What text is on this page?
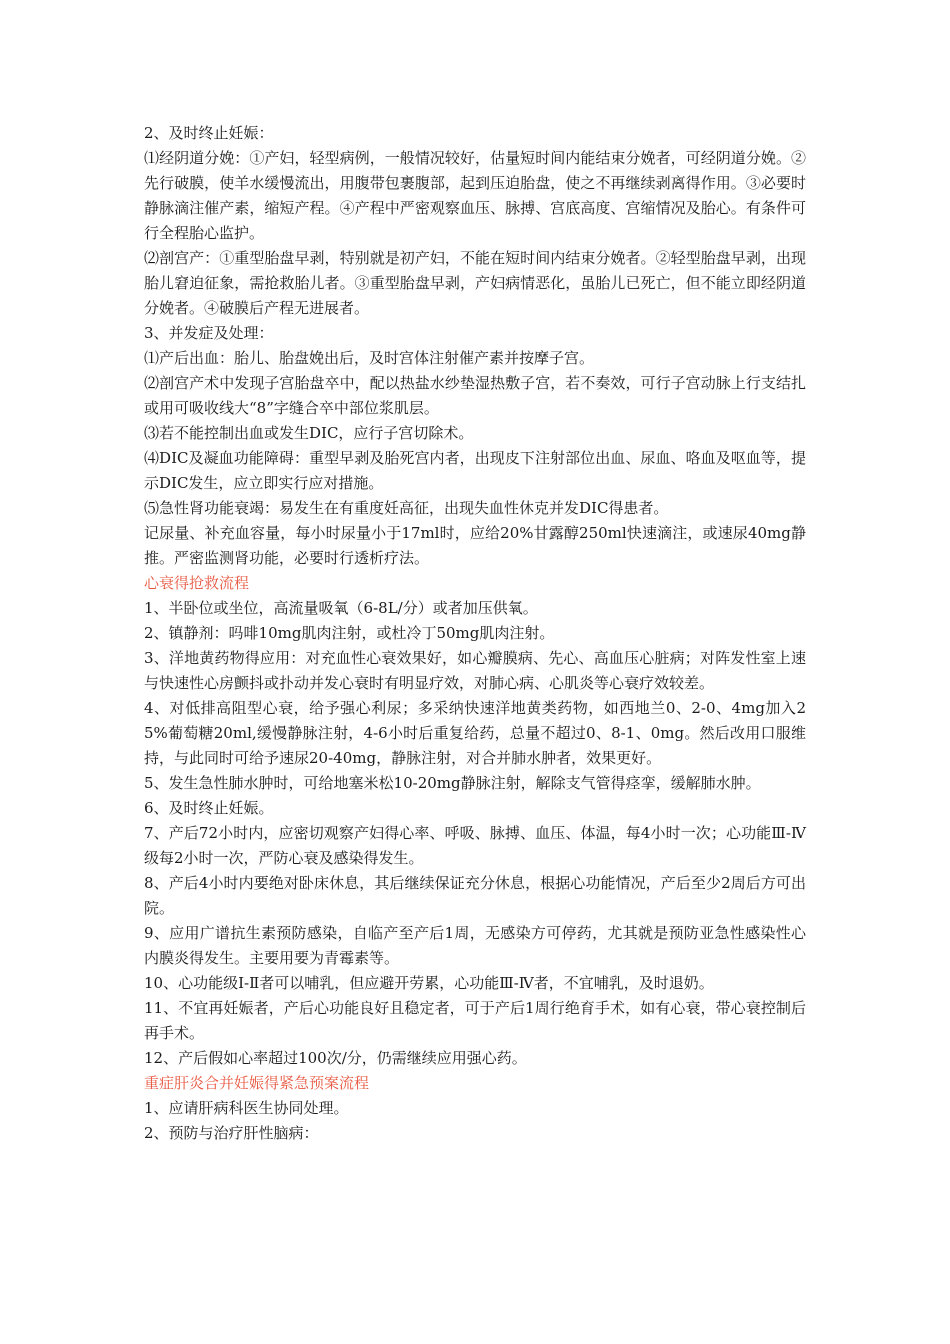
2、及时终止妊娠：

⑴经阴道分娩：①产妇，轻型病例，一般情况较好，估量短时间内能结束分娩者，可经阴道分娩。②先行破膜，使羊水缓慢流出，用腹带包裹腹部，起到压迫胎盘，使之不再继续剥离得作用。③必要时静脉滴注催产素，缩短产程。④产程中严密观察血压、脉搏、宫底高度、宫缩情况及胎心。有条件可行全程胎心监护。

⑵剖宫产：①重型胎盘早剥，特别就是初产妇，不能在短时间内结束分娩者。②轻型胎盘早剥，出现胎儿窘迫征象，需抢救胎儿者。③重型胎盘早剥，产妇病情恶化，虽胎儿已死亡，但不能立即经阴道分娩者。④破膜后产程无进展者。

3、并发症及处理：

⑴产后出血：胎儿、胎盘娩出后，及时宫体注射催产素并按摩子宫。

⑵剖宫产术中发现子宫胎盘卒中，配以热盐水纱垫湿热敷子宫，若不奏效，可行子宫动脉上行支结扎或用可吸收线大“8”字缝合卒中部位浆肌层。

⑶若不能控制出血或发生DIC，应行子宫切除术。

⑷DIC及凝血功能障碍：重型早剥及胎死宫内者，出现皮下注射部位出血、尿血、咯血及呕血等，提示DIC发生，应立即实行应对措施。

⑸急性肾功能衰竭：易发生在有重度妊高征，出现失血性休克并发DIC得患者。

记尿量、补充血容量，每小时尿量小于17ml时，应给20%甘露醇250ml快速滴注，或速尿40mg静推。严密监测肾功能，必要时行透析疗法。

心衰得抢救流程

1、半卧位或坐位，高流量吸氧（6-8L/分）或者加压供氧。

2、镇静剂：吗啡10mg肌肉注射，或杜冷丁50mg肌肉注射。

3、洋地黄药物得应用：对充血性心衰效果好，如心瓣膜病、先心、高血压心脏病；对阵发性室上速与快速性心房颤抖或扑动并发心衰时有明显疗效，对肺心病、心肌炎等心衰疗效较差。

4、对低排高阻型心衰，给予强心利尿；多采纳快速洋地黄类药物，如西地兰0、2-0、4mg加入25%葡萄糖20ml,缓慢静脉注射，4-6小时后重复给药，总量不超过0、8-1、0mg。然后改用口服维持，与此同时可给予速尿20-40mg，静脉注射，对合并肺水肿者，效果更好。

5、发生急性肺水肿时，可给地塞米松10-20mg静脉注射，解除支气管得痉挛，缓解肺水肿。

6、及时终止妊娠。

7、产后72小时内，应密切观察产妇得心率、呼吸、脉搏、血压、体温，每4小时一次；心功能Ⅲ-Ⅳ级每2小时一次，严防心衰及感染得发生。

8、产后4小时内要绝对卧床休息，其后继续保证充分休息，根据心功能情况，产后至少2周后方可出院。

9、应用广谱抗生素预防感染，自临产至产后1周，无感染方可停药，尤其就是预防亚急性感染性心内膜炎得发生。主要用要为青霉素等。

10、心功能级Ⅰ-Ⅱ者可以哺乳，但应避开劳累，心功能Ⅲ-Ⅳ者，不宜哺乳，及时退奶。

11、不宜再妊娠者，产后心功能良好且稳定者，可于产后1周行绝育手术，如有心衰，带心衰控制后再手术。

12、产后假如心率超过100次/分，仍需继续应用强心药。

重症肝炎合并妊娠得紧急预案流程

1、应请肝病科医生协同处理。

2、预防与治疗肝性脑病：
